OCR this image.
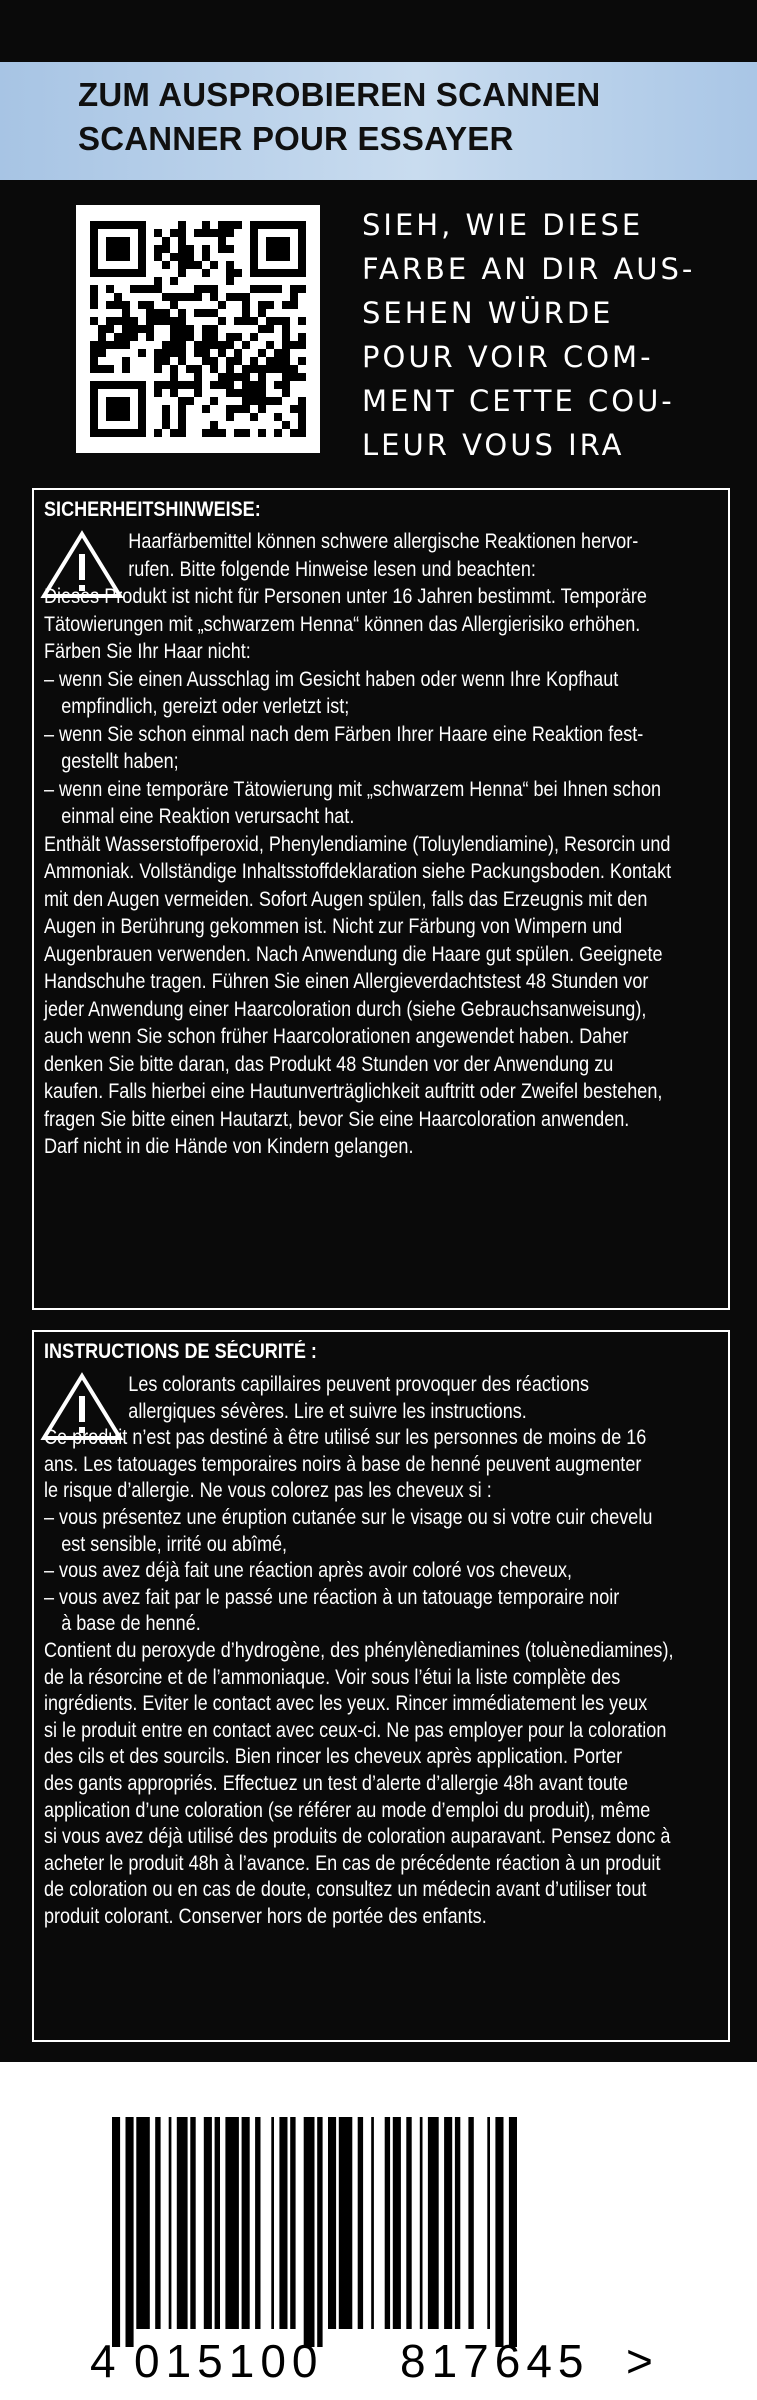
ZUM AUSPROBIEREN SCANNEN
SCANNER POUR ESSAYER
SIEH, WIE DIESE
FARBE AN DIR AUS-
SEHEN WÜRDE
POUR VOIR COM-
MENT CETTE COU-
LEUR VOUS IRA
SICHERHEITSHINWEISE:
Haarfärbemittel können schwere allergische Reaktionen hervor-
rufen. Bitte folgende Hinweise lesen und beachten:
Dieses Produkt ist nicht für Personen unter 16 Jahren bestimmt. Temporäre
Tätowierungen mit „schwarzem Henna“ können das Allergierisiko erhöhen.
Färben Sie Ihr Haar nicht:
– wenn Sie einen Ausschlag im Gesicht haben oder wenn Ihre Kopfhaut
empfindlich, gereizt oder verletzt ist;
– wenn Sie schon einmal nach dem Färben Ihrer Haare eine Reaktion fest-
gestellt haben;
– wenn eine temporäre Tätowierung mit „schwarzem Henna“ bei Ihnen schon
einmal eine Reaktion verursacht hat.
Enthält Wasserstoffperoxid, Phenylendiamine (Toluylendiamine), Resorcin und
Ammoniak. Vollständige Inhaltsstoffdeklaration siehe Packungsboden. Kontakt
mit den Augen vermeiden. Sofort Augen spülen, falls das Erzeugnis mit den
Augen in Berührung gekommen ist. Nicht zur Färbung von Wimpern und
Augenbrauen verwenden. Nach Anwendung die Haare gut spülen. Geeignete
Handschuhe tragen. Führen Sie einen Allergieverdachtstest 48 Stunden vor
jeder Anwendung einer Haarcoloration durch (siehe Gebrauchsanweisung),
auch wenn Sie schon früher Haarcolorationen angewendet haben. Daher
denken Sie bitte daran, das Produkt 48 Stunden vor der Anwendung zu
kaufen. Falls hierbei eine Hautunverträglichkeit auftritt oder Zweifel bestehen,
fragen Sie bitte einen Hautarzt, bevor Sie eine Haarcoloration anwenden.
Darf nicht in die Hände von Kindern gelangen.
INSTRUCTIONS DE SÉCURITÉ :
Les colorants capillaires peuvent provoquer des réactions
allergiques sévères. Lire et suivre les instructions.
Ce produit n’est pas destiné à être utilisé sur les personnes de moins de 16
ans. Les tatouages temporaires noirs à base de henné peuvent augmenter
le risque d’allergie. Ne vous colorez pas les cheveux si :
– vous présentez une éruption cutanée sur le visage ou si votre cuir chevelu
est sensible, irrité ou abîmé,
– vous avez déjà fait une réaction après avoir coloré vos cheveux,
– vous avez fait par le passé une réaction à un tatouage temporaire noir
à base de henné.
Contient du peroxyde d’hydrogène, des phénylènediamines (toluènediamines),
de la résorcine et de l’ammoniaque. Voir sous l’étui la liste complète des
ingrédients. Eviter le contact avec les yeux. Rincer immédiatement les yeux
si le produit entre en contact avec ceux-ci. Ne pas employer pour la coloration
des cils et des sourcils. Bien rincer les cheveux après application. Porter
des gants appropriés. Effectuez un test d’alerte d’allergie 48h avant toute
application d’une coloration (se référer au mode d’emploi du produit), même
si vous avez déjà utilisé des produits de coloration auparavant. Pensez donc à
acheter le produit 48h à l’avance. En cas de précédente réaction à un produit
de coloration ou en cas de doute, consultez un médecin avant d’utiliser tout
produit colorant. Conserver hors de portée des enfants.
4 015100 817645 >
